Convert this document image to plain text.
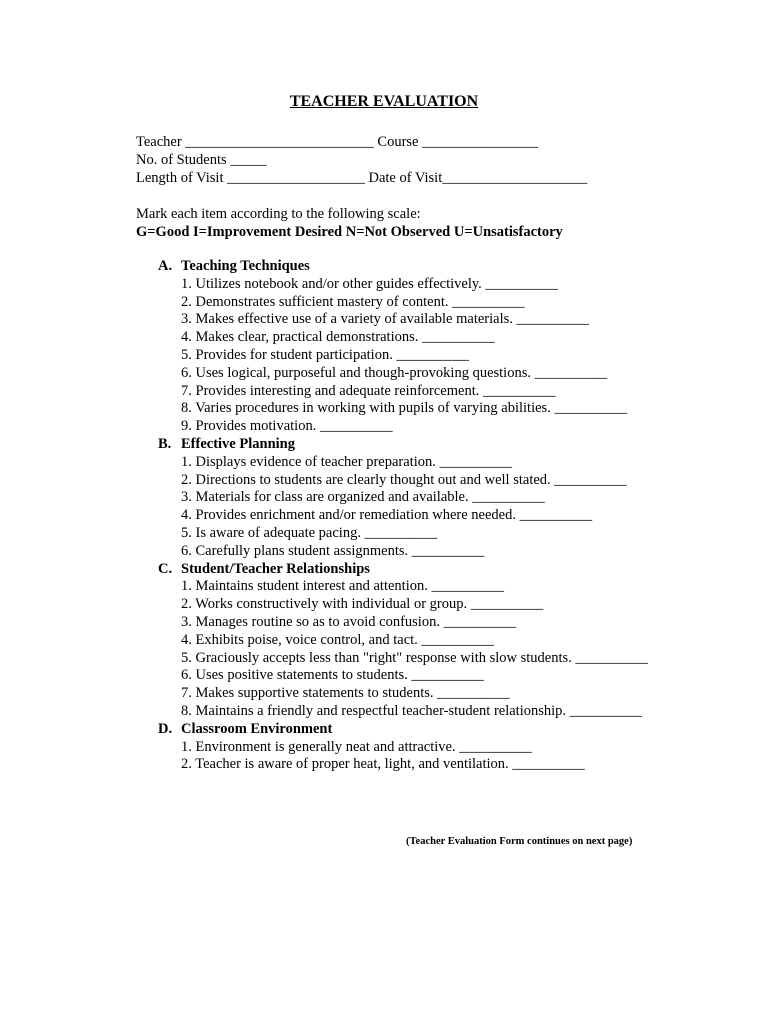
TEACHER EVALUATION
Teacher __________________________ Course ________________
No. of Students _____
Length of Visit ___________________ Date of Visit____________________
Mark each item according to the following scale:
G=Good I=Improvement Desired N=Not Observed U=Unsatisfactory
A. Teaching Techniques
1. Utilizes notebook and/or other guides effectively. __________
2. Demonstrates sufficient mastery of content. __________
3. Makes effective use of a variety of available materials. __________
4. Makes clear, practical demonstrations. __________
5. Provides for student participation. __________
6. Uses logical, purposeful and though-provoking questions. __________
7. Provides interesting and adequate reinforcement. __________
8. Varies procedures in working with pupils of varying abilities. __________
9. Provides motivation. __________
B. Effective Planning
1. Displays evidence of teacher preparation. __________
2. Directions to students are clearly thought out and well stated. __________
3. Materials for class are organized and available. __________
4. Provides enrichment and/or remediation where needed. __________
5. Is aware of adequate pacing. __________
6. Carefully plans student assignments. __________
C. Student/Teacher Relationships
1. Maintains student interest and attention. __________
2. Works constructively with individual or group. __________
3. Manages routine so as to avoid confusion. __________
4. Exhibits poise, voice control, and tact. __________
5. Graciously accepts less than "right" response with slow students. __________
6. Uses positive statements to students. __________
7. Makes supportive statements to students. __________
8. Maintains a friendly and respectful teacher-student relationship. __________
D. Classroom Environment
1. Environment is generally neat and attractive. __________
2. Teacher is aware of proper heat, light, and ventilation. __________
(Teacher Evaluation Form continues on next page)
